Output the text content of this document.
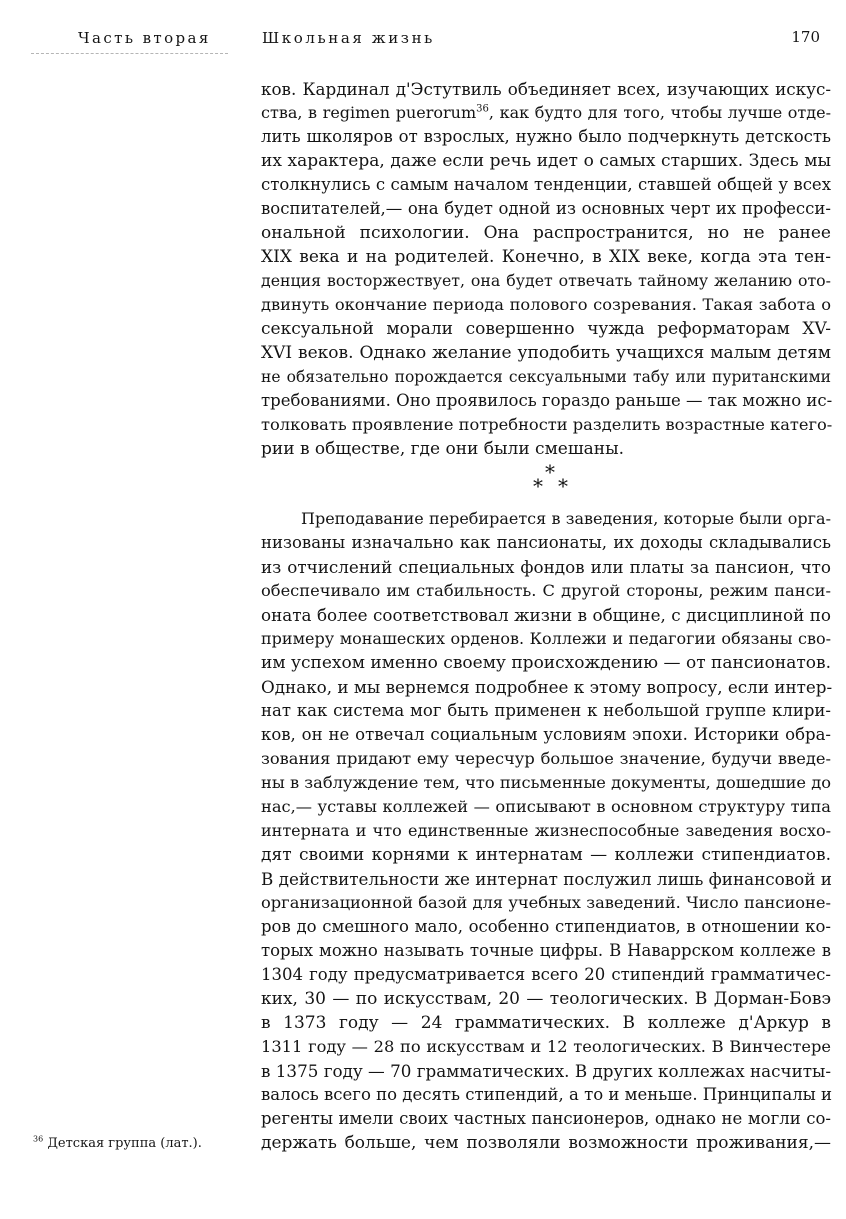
Часть вторая	Школьная жизнь	170
ков. Кардинал д'Эстутвиль объединяет всех, изучающих искус-
ства, в regimen puerorum$^{36}$, как будто для того, чтобы лучше отде-
лить школяров от взрослых, нужно было подчеркнуть детскость
их характера, даже если речь идет о самых старших. Здесь мы
столкнулись с самым началом тенденции, ставшей общей у всех
воспитателей,— она будет одной из основных черт их професси-
ональной психологии. Она распространится, но не ранее
XIX века и на родителей. Конечно, в XIX веке, когда эта тен-
денция восторжествует, она будет отвечать тайному желанию ото-
двинуть окончание периода полового созревания. Такая забота о
сексуальной морали совершенно чужда реформаторам XV-
XVI веков. Однако желание уподобить учащихся малым детям
не обязательно порождается сексуальными табу или пуританскими
требованиями. Оно проявилось гораздо раньше — так можно ис-
толковать проявление потребности разделить возрастные катего-
рии в обществе, где они были смешаны.
*
* *
Преподавание перебирается в заведения, которые были орга-
низованы изначально как пансионаты, их доходы складывались
из отчислений специальных фондов или платы за пансион, что
обеспечивало им стабильность. С другой стороны, режим панси-
оната более соответствовал жизни в общине, с дисциплиной по
примеру монашеских орденов. Коллежи и педагогии обязаны сво-
им успехом именно своему происхождению — от пансионатов.
Однако, и мы вернемся подробнее к этому вопросу, если интер-
нат как система мог быть применен к небольшой группе клири-
ков, он не отвечал социальным условиям эпохи. Историки обра-
зования придают ему чересчур большое значение, будучи введе-
ны в заблуждение тем, что письменные документы, дошедшие до
нас,— уставы коллежей — описывают в основном структуру типа
интерната и что единственные жизнеспособные заведения восхо-
дят своими корнями к интернатам — коллежи стипендиатов.
В действительности же интернат послужил лишь финансовой и
организационной базой для учебных заведений. Число пансионе-
ров до смешного мало, особенно стипендиатов, в отношении ко-
торых можно называть точные цифры. В Наваррском коллеже в
1304 году предусматривается всего 20 стипендий грамматичес-
ких, 30 — по искусствам, 20 — теологических. В Дорман-Бовэ
в 1373 году — 24 грамматических. В коллеже д'Аркур в
1311 году — 28 по искусствам и 12 теологических. В Винчестере
в 1375 году — 70 грамматических. В других коллежах насчиты-
валось всего по десять стипендий, а то и меньше. Принципалы и
регенты имели своих частных пансионеров, однако не могли со-
держать больше, чем позволяли возможности проживания,—
$^{36}$ Детская группа (лат.).
